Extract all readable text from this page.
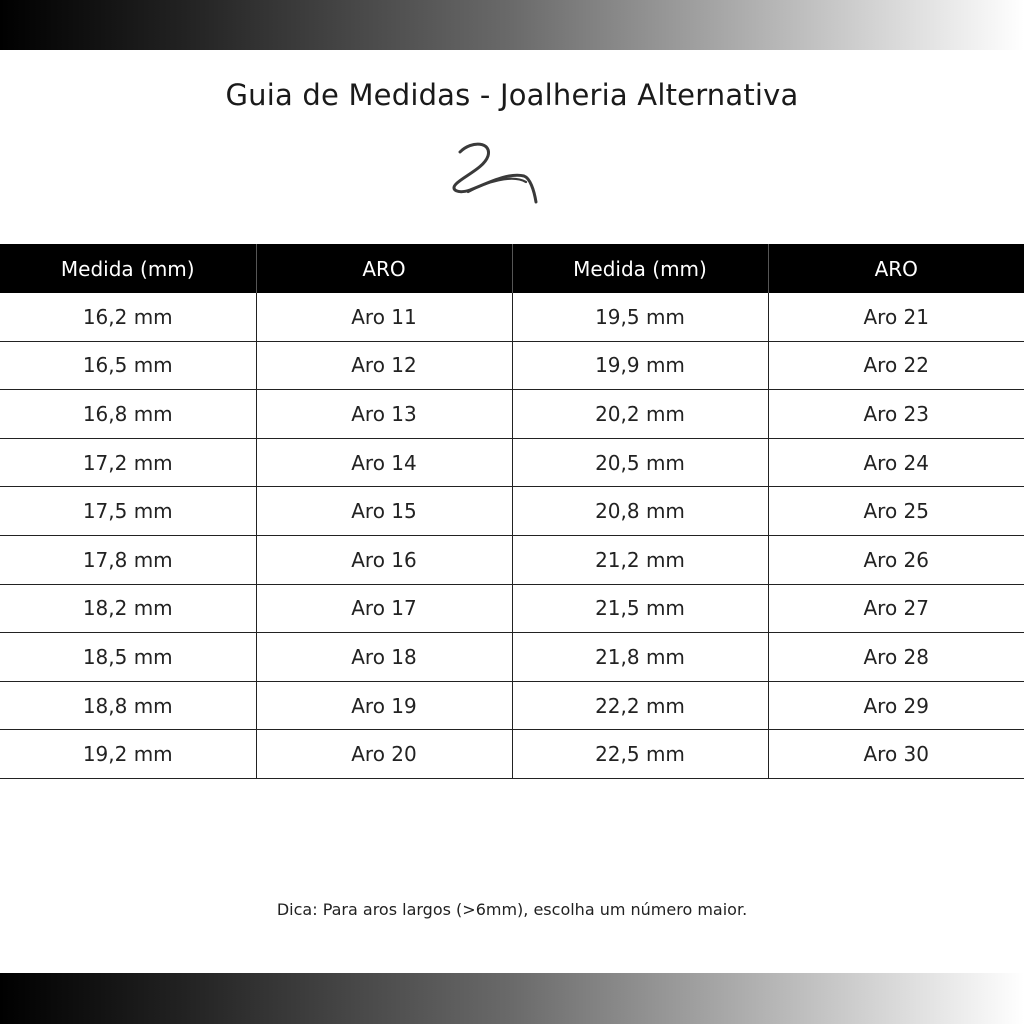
Guia de Medidas - Joalheria Alternativa
Medida (mm)	ARO	Medida (mm)	ARO
16,2 mm	Aro 11	19,5 mm	Aro 21
16,5 mm	Aro 12	19,9 mm	Aro 22
16,8 mm	Aro 13	20,2 mm	Aro 23
17,2 mm	Aro 14	20,5 mm	Aro 24
17,5 mm	Aro 15	20,8 mm	Aro 25
17,8 mm	Aro 16	21,2 mm	Aro 26
18,2 mm	Aro 17	21,5 mm	Aro 27
18,5 mm	Aro 18	21,8 mm	Aro 28
18,8 mm	Aro 19	22,2 mm	Aro 29
19,2 mm	Aro 20	22,5 mm	Aro 30
Dica: Para aros largos (>6mm), escolha um número maior.
